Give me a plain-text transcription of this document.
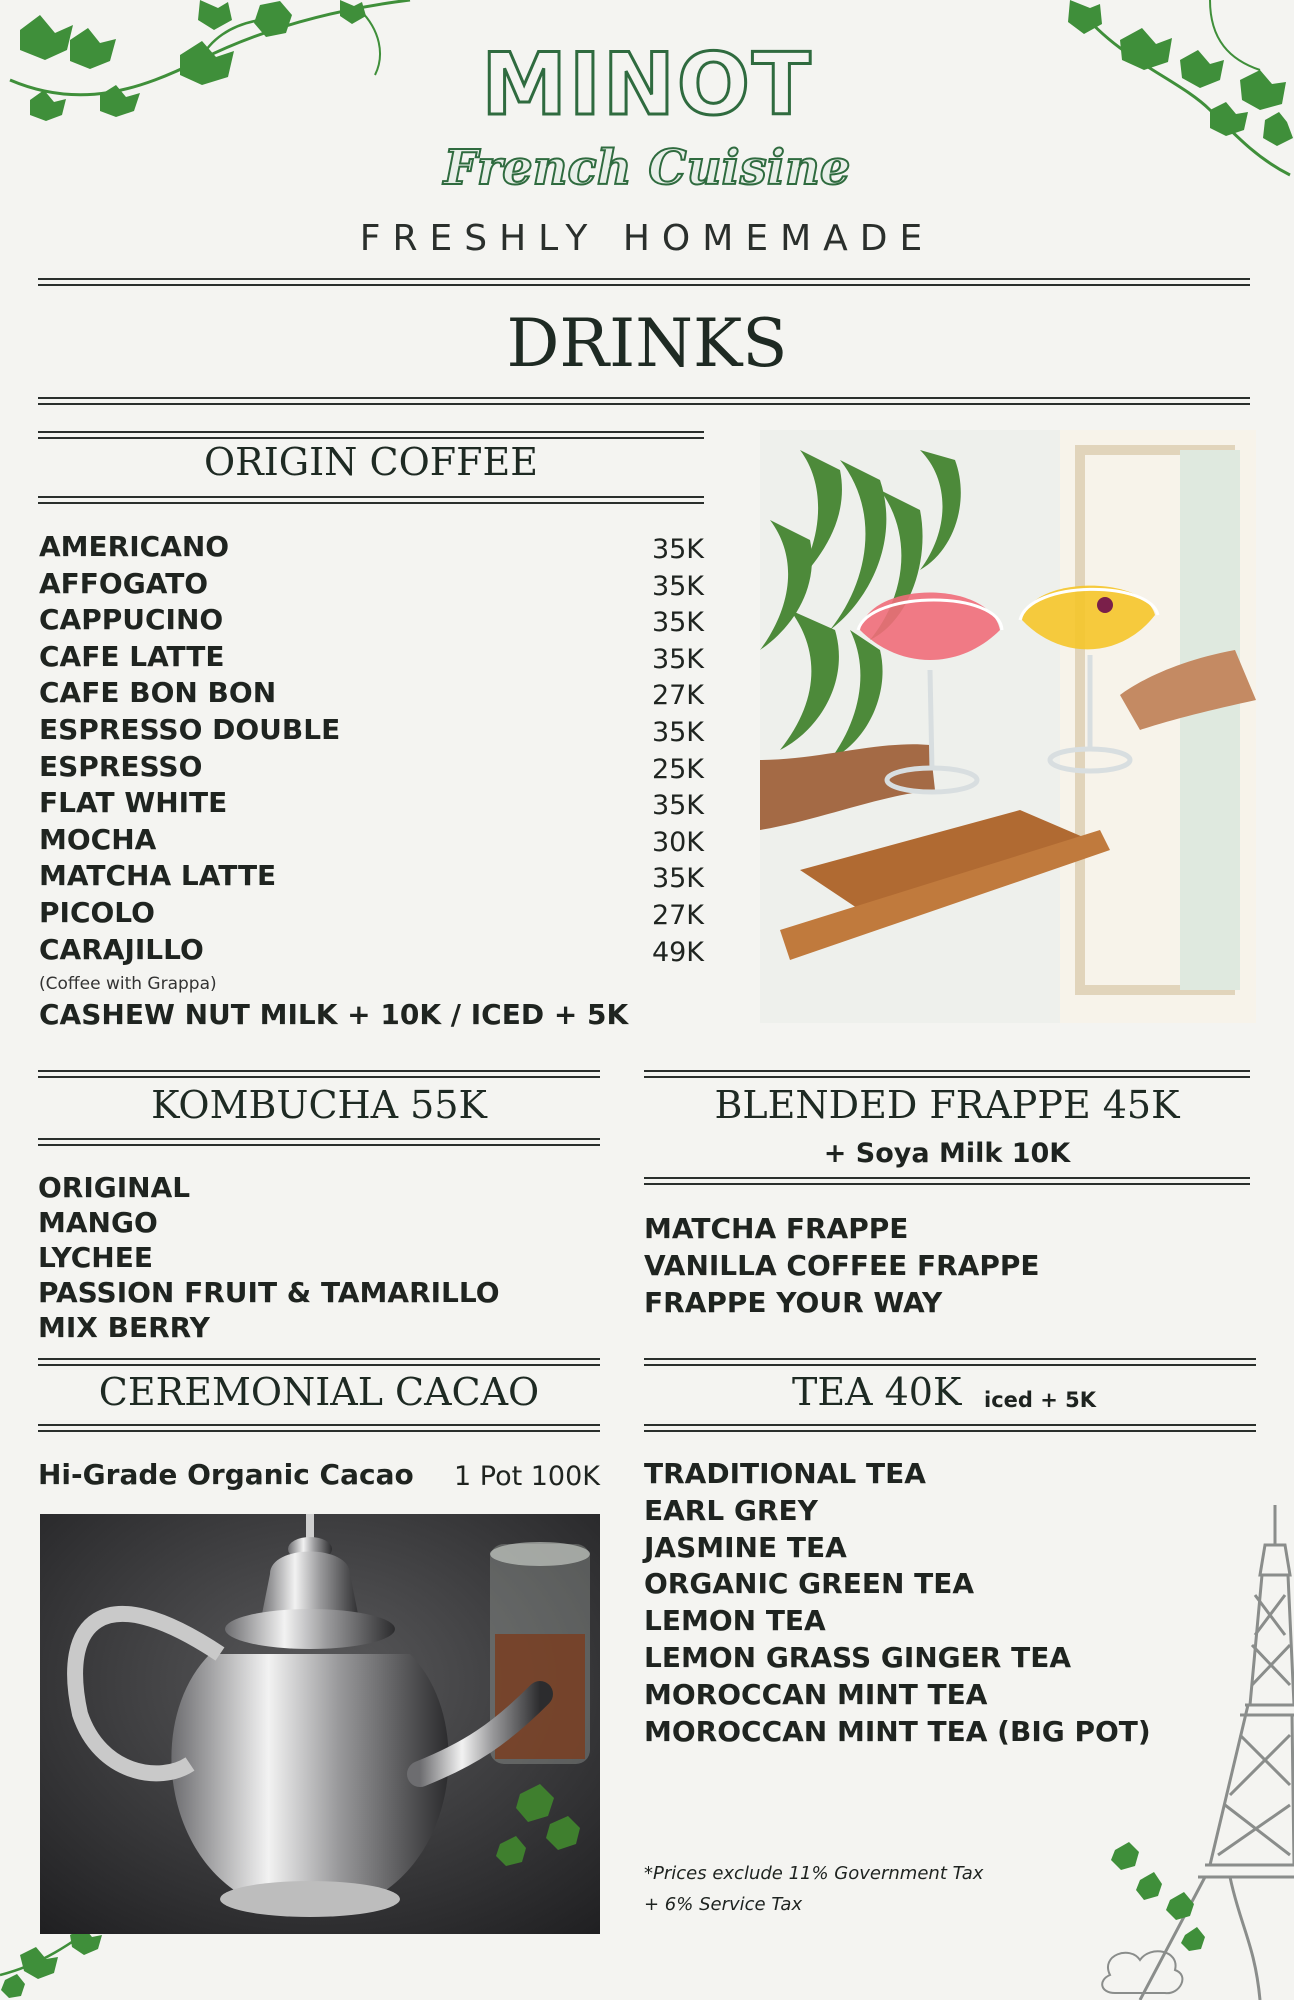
MINOT
French Cuisine
FRESHLY HOMEMADE
DRINKS
ORIGIN COFFEE
(Coffee with Grappa)
CASHEW NUT MILK + 10K / ICED + 5K
KOMBUCHA 55K	BLENDED FRAPPE 45K
+ Soya Milk 10K
CEREMONIAL CACAO
Hi-Grade Organic Cacao	1 Pot 100K
TEA 40K iced + 5K
*Prices exclude 11% Government Tax
+ 6% Service Tax
AMERICANO	35K
AFFOGATO	35K
CAPPUCINO	35K
CAFE LATTE	35K
CAFE BON BON	27K
ESPRESSO DOUBLE	35K
ESPRESSO	25K
FLAT WHITE	35K
MOCHA	30K
MATCHA LATTE	35K
PICOLO	27K
CARAJILLO	49K
ORIGINAL
MANGO
LYCHEE
PASSION FRUIT & TAMARILLO
MIX BERRY
MATCHA FRAPPE
VANILLA COFFEE FRAPPE
FRAPPE YOUR WAY
TRADITIONAL TEA
EARL GREY
JASMINE TEA
ORGANIC GREEN TEA
LEMON TEA
LEMON GRASS GINGER TEA
MOROCCAN MINT TEA
MOROCCAN MINT TEA (BIG POT)
